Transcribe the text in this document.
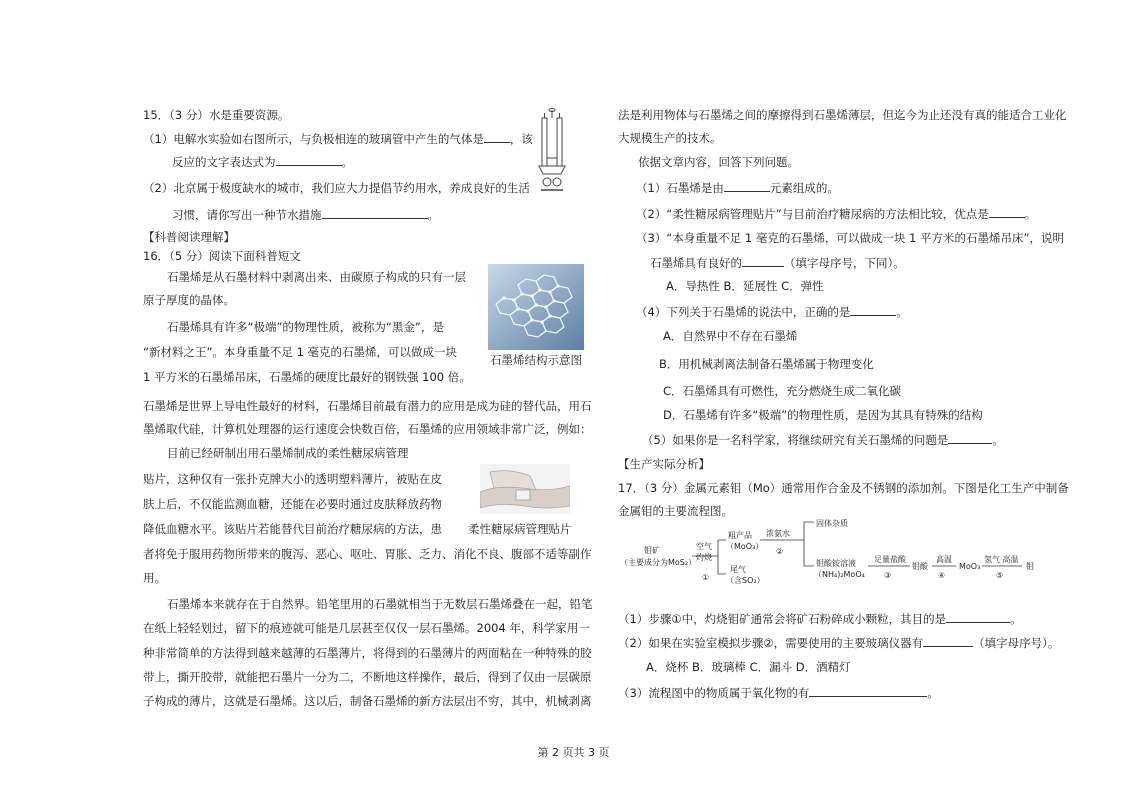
15．（3 分）水是重要资源。
（1）电解水实验如右图所示，与负极相连的玻璃管中产生的气体是 ，该
反应的文字表达式为	。
（2）北京属于极度缺水的城市，我们应大力提倡节约用水，养成良好的生活
习惯，请你写出一种节水措施	。
【科普阅读理解】
16．（5 分）阅读下面科普短文
石墨烯是从石墨材料中剥离出来、由碳原子构成的只有一层
原子厚度的晶体。
石墨烯具有许多“极端”的物理性质，被称为“黑金”，是
“新材料之王”。本身重量不足 1 毫克的石墨烯，可以做成一块
1 平方米的石墨烯吊床，石墨烯的硬度比最好的钢铁强 100 倍。
石墨烯结构示意图
石墨烯是世界上导电性最好的材料，石墨烯目前最有潜力的应用是成为硅的替代品，用石
墨烯取代硅，计算机处理器的运行速度会快数百倍，石墨烯的应用领域非常广泛，例如：
目前已经研制出用石墨烯制成的柔性糖尿病管理
贴片，这种仅有一张扑克牌大小的透明塑料薄片，被贴在皮
肤上后，不仅能监测血糖，还能在必要时通过皮肤释放药物
降低血糖水平。该贴片若能替代目前治疗糖尿病的方法，患 柔性糖尿病管理贴片
者将免于服用药物所带来的腹泻、恶心、呕吐、胃胀、乏力、消化不良、腹部不适等副作
用。
石墨烯本来就存在于自然界。铅笔里用的石墨就相当于无数层石墨烯叠在一起，铅笔
在纸上轻轻划过，留下的痕迹就可能是几层甚至仅仅一层石墨烯。2004 年，科学家用一
种非常简单的方法得到越来越薄的石墨薄片，将得到的石墨薄片的两面粘在一种特殊的胶
带上，撕开胶带，就能把石墨片一分为二，不断地这样操作，最后，得到了仅由一层碳原
子构成的薄片，这就是石墨烯。这以后，制备石墨烯的新方法层出不穷，其中，机械剥离
法是利用物体与石墨烯之间的摩擦得到石墨烯薄层，但迄今为止还没有真的能适合工业化
大规模生产的技术。
依据文章内容，回答下列问题。
（1）石墨烯是由	元素组成的。
（2）“柔性糖尿病管理贴片”与目前治疗糖尿病的方法相比较，优点是	。
（3）“本身重量不足 1 毫克的石墨烯，可以做成一块 1 平方米的石墨烯吊床”，说明
石墨烯具有良好的	（填字母序号，下同）。
A．导热性 B．延展性 C．弹性
（4）下列关于石墨烯的说法中，正确的是	。
A．自然界中不存在石墨烯
B．用机械剥离法制备石墨烯属于物理变化
C．石墨烯具有可燃性，充分燃烧生成二氧化碳
D．石墨烯有许多“极端”的物理性质，是因为其具有特殊的结构
（5）如果你是一名科学家，将继续研究有关石墨烯的问题是	。
【生产实际分析】
17．（3 分）金属元素钼（Mo）通常用作合金及不锈钢的添加剂。下图是化工生产中制备
金属钼的主要流程图。
钼矿
（主要成分为MoS₂）
空气
灼烧
①
粗产品
（MoO₃）
尾气
（含SO₂）
浓氨水
②
固体杂质
钼酸铵溶液
（NH₄)₂MoO₄
足量盐酸
③
钼酸
高温
④
MoO₃
氢气 高温
⑤
钼
（1）步骤①中，灼烧钼矿通常会将矿石粉碎成小颗粒，其目的是	。
（2）如果在实验室模拟步骤②，需要使用的主要玻璃仪器有	（填字母序号）。
A．烧杯 B．玻璃棒 C．漏斗 D．酒精灯
（3）流程图中的物质属于氧化物的有	。
第 2 页共 3 页
